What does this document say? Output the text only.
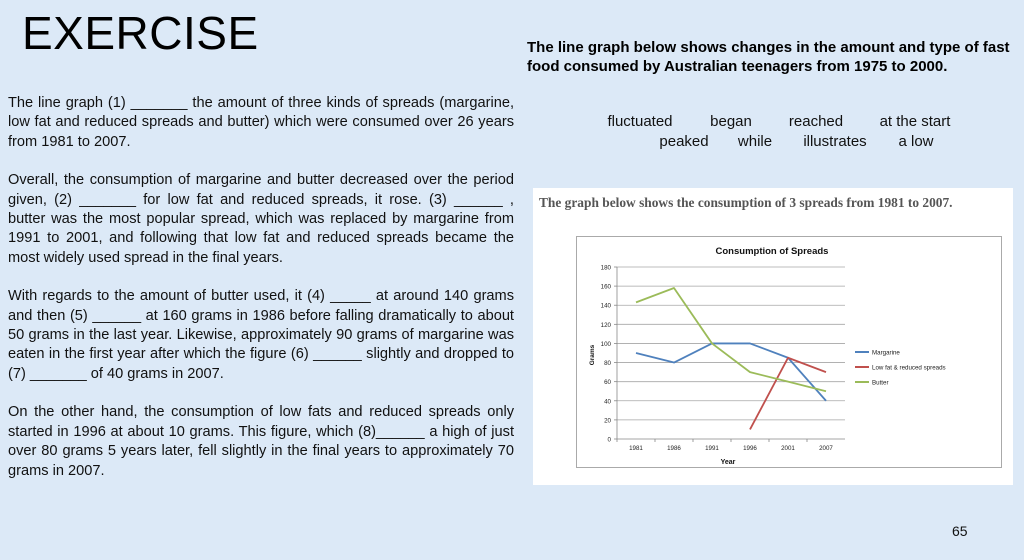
EXERCISE	The line graph below shows changes in the amount and type of fast food consumed by Australian teenagers from 1975 to 2000.
fluctuated	began	reached	at the start
peaked	while	illustrates	a low

The line graph (1) _______ the amount of three kinds of spreads (margarine, low fat and reduced spreads and butter) which were consumed over 26 years from 1981 to 2007.

Overall, the consumption of margarine and butter decreased over the period given, (2) _______ for low fat and reduced spreads, it rose. (3) ______ , butter was the most popular spread, which was replaced by margarine from 1991 to 2001, and following that low fat and reduced spreads became the most widely used spread in the final years.

With regards to the amount of butter used, it (4) _____ at around 140 grams and then (5) ______ at 160 grams in 1986 before falling dramatically to about 50 grams in the last year. Likewise, approximately 90 grams of margarine was eaten in the first year after which the figure (6) ______ slightly and dropped to (7) _______ of 40 grams in 2007.

On the other hand, the consumption of low fats and reduced spreads only started in 1996 at about 10 grams. This figure, which (8)______ a high of just over 80 grams 5 years later, fell slightly in the final years to approximately 70 grams in 2007.

The graph below shows the consumption of 3 spreads from 1981 to 2007.
Consumption of Spreads
Year
Grams
0
20
40
60
80
100
120
140
160
180
1981	1986	1991	1996	2001	2007
Margarine
Low fat & reduced spreads
Butter
65
